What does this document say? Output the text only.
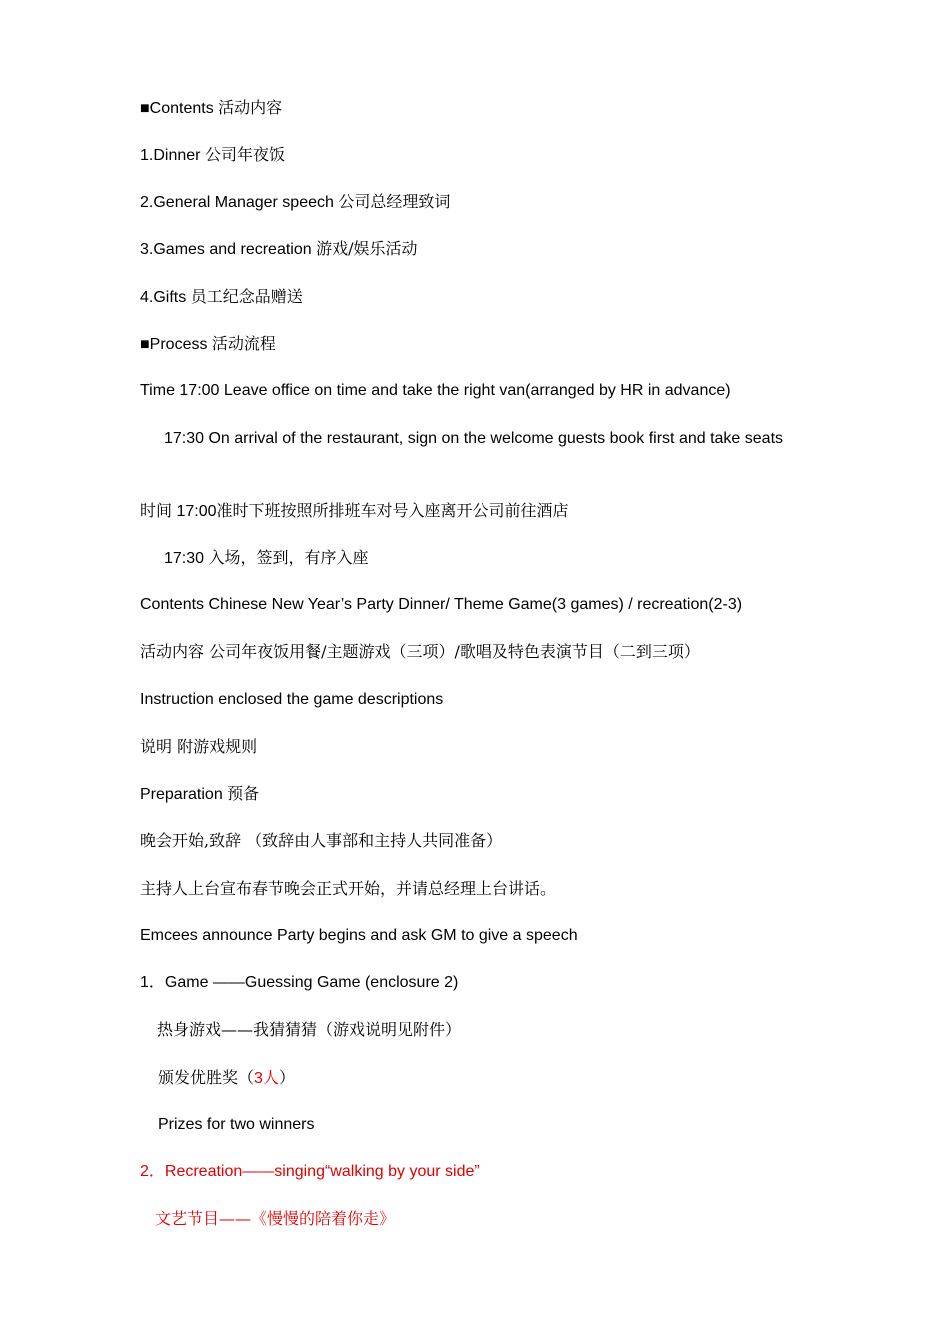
■Contents 活动内容
1.Dinner 公司年夜饭
2.General Manager speech 公司总经理致词
3.Games and recreation 游戏/娱乐活动
4.Gifts 员工纪念品赠送
■Process 活动流程
Time 17:00 Leave office on time and take the right van(arranged by HR in advance)
17:30 On arrival of the restaurant, sign on the welcome guests book first and take seats
时间 17:00准时下班按照所排班车对号入座离开公司前往酒店
17:30 入场，签到，有序入座
Contents Chinese New Year’s Party Dinner/ Theme Game(3 games) / recreation(2-3)
活动内容 公司年夜饭用餐/主题游戏（三项）/歌唱及特色表演节目（二到三项）
Instruction enclosed the game descriptions
说明 附游戏规则
Preparation 预备
晚会开始,致辞 （致辞由人事部和主持人共同准备）
主持人上台宣布春节晚会正式开始，并请总经理上台讲话。
Emcees announce Party begins and ask GM to give a speech
1．Game ——Guessing Game (enclosure 2)
热身游戏——我猜猜猜（游戏说明见附件）
颁发优胜奖（3人）
Prizes for two winners
2．Recreation——singing“walking by your side”
文艺节目——《慢慢的陪着你走》
